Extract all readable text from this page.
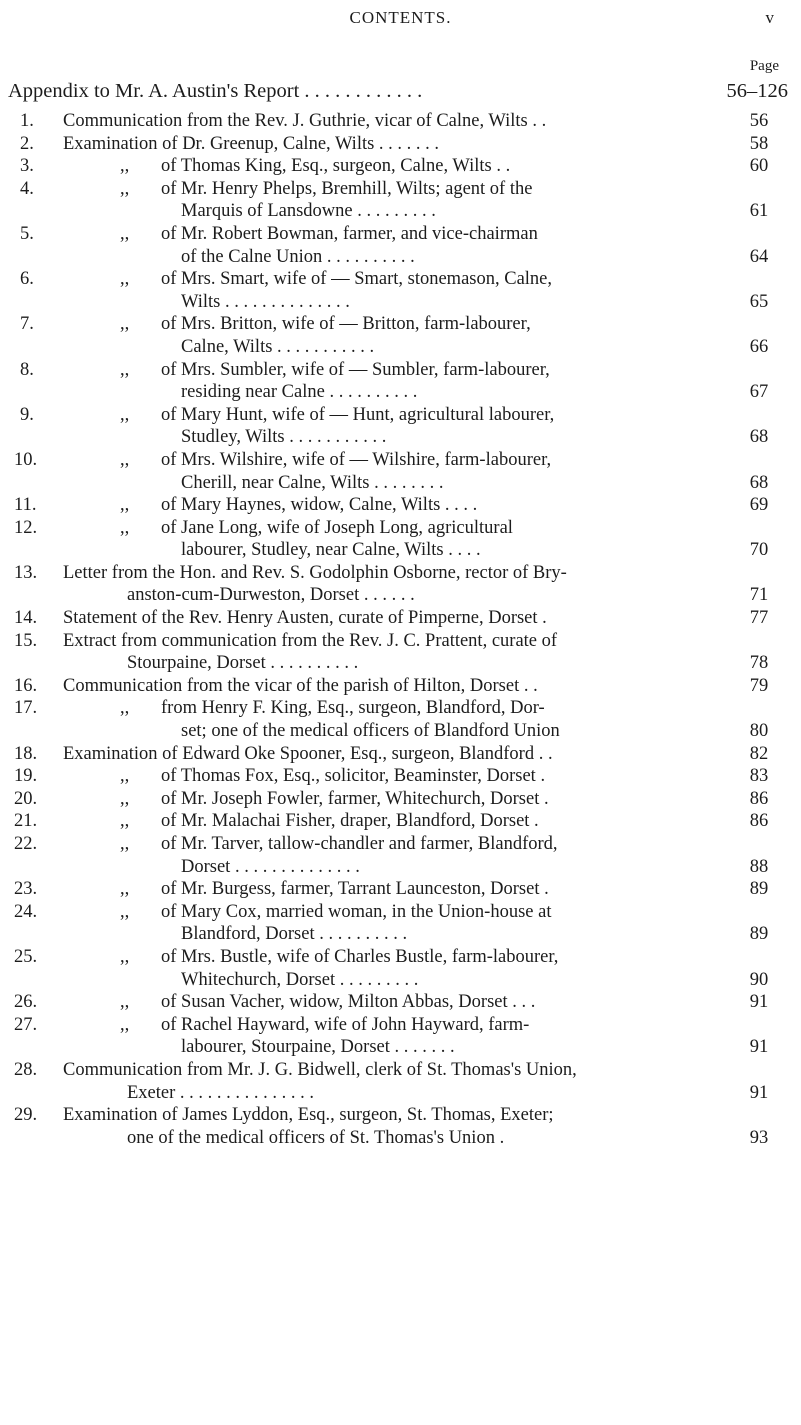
CONTENTS.	v
Page
Appendix to Mr. A. Austin's Report . . . . . . . . . . . .	56–126
1. Communication from the Rev. J. Guthrie, vicar of Calne, Wilts . .	56
2. Examination of Dr. Greenup, Calne, Wilts . . . . . . .	58
3.	,, of Thomas King, Esq., surgeon, Calne, Wilts . .	60
4.	,, of Mr. Henry Phelps, Bremhill, Wilts; agent of the
Marquis of Lansdowne . . . . . . . . .	61
5.	,, of Mr. Robert Bowman, farmer, and vice-chairman
of the Calne Union . . . . . . . . . .	64
6.	,, of Mrs. Smart, wife of — Smart, stonemason, Calne,
Wilts . . . . . . . . . . . . . .	65
7.	,, of Mrs. Britton, wife of — Britton, farm-labourer,
Calne, Wilts . . . . . . . . . . .	66
8.	,, of Mrs. Sumbler, wife of — Sumbler, farm-labourer,
residing near Calne . . . . . . . . . .	67
9.	,, of Mary Hunt, wife of — Hunt, agricultural labourer,
Studley, Wilts . . . . . . . . . . .	68
10.	,, of Mrs. Wilshire, wife of — Wilshire, farm-labourer,
Cherill, near Calne, Wilts . . . . . . . .	68
11.	,, of Mary Haynes, widow, Calne, Wilts . . . .	69
12.	,, of Jane Long, wife of Joseph Long, agricultural
labourer, Studley, near Calne, Wilts . . . .	70
13. Letter from the Hon. and Rev. S. Godolphin Osborne, rector of Bry-
anston-cum-Durweston, Dorset . . . . . .	71
14. Statement of the Rev. Henry Austen, curate of Pimperne, Dorset .	77
15. Extract from communication from the Rev. J. C. Prattent, curate of
Stourpaine, Dorset . . . . . . . . . .	78
16. Communication from the vicar of the parish of Hilton, Dorset . .	79
17.	,, from Henry F. King, Esq., surgeon, Blandford, Dor-
set; one of the medical officers of Blandford Union	80
18. Examination of Edward Oke Spooner, Esq., surgeon, Blandford . .	82
19.	,, of Thomas Fox, Esq., solicitor, Beaminster, Dorset .	83
20.	,, of Mr. Joseph Fowler, farmer, Whitechurch, Dorset .	86
21.	,, of Mr. Malachai Fisher, draper, Blandford, Dorset .	86
22.	,, of Mr. Tarver, tallow-chandler and farmer, Blandford,
Dorset . . . . . . . . . . . . . .	88
23.	,, of Mr. Burgess, farmer, Tarrant Launceston, Dorset .	89
24.	,, of Mary Cox, married woman, in the Union-house at
Blandford, Dorset . . . . . . . . . .	89
25.	,, of Mrs. Bustle, wife of Charles Bustle, farm-labourer,
Whitechurch, Dorset . . . . . . . . .	90
26.	,, of Susan Vacher, widow, Milton Abbas, Dorset . . .	91
27.	,, of Rachel Hayward, wife of John Hayward, farm-
labourer, Stourpaine, Dorset . . . . . . .	91
28. Communication from Mr. J. G. Bidwell, clerk of St. Thomas's Union,
Exeter . . . . . . . . . . . . . . .	91
29. Examination of James Lyddon, Esq., surgeon, St. Thomas, Exeter;
one of the medical officers of St. Thomas's Union .	93
